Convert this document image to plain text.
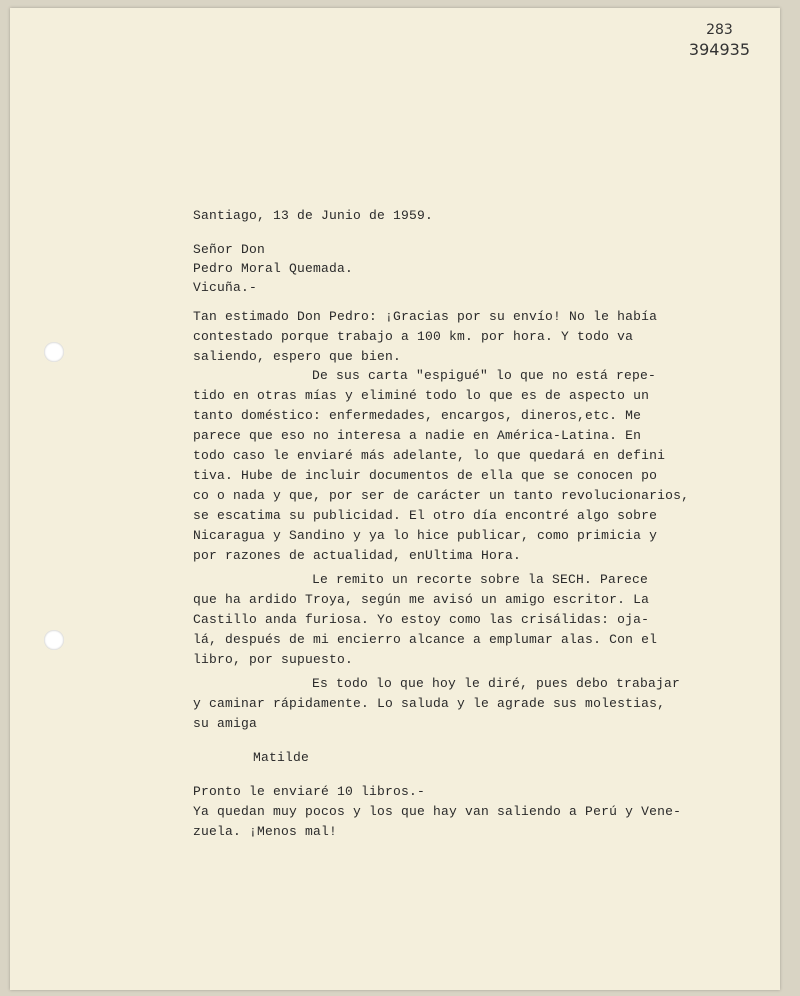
283
394935
Santiago, 13 de Junio de 1959.
Señor Don
Pedro Moral Quemada.
Vicuña.-
Tan estimado Don Pedro: ¡Gracias por su envío! No le había
contestado porque trabajo a 100 km. por hora. Y todo va
saliendo, espero que bien.
De sus carta "espigué" lo que no está repe-
tido en otras mías y eliminé todo lo que es de aspecto un
tanto doméstico: enfermedades, encargos, dineros,etc. Me
parece que eso no interesa a nadie en América-Latina. En
todo caso le enviaré más adelante, lo que quedará en defini
tiva. Hube de incluir documentos de ella que se conocen po
co o nada y que, por ser de carácter un tanto revolucionarios,
se escatima su publicidad. El otro día encontré algo sobre
Nicaragua y Sandino y ya lo hice publicar, como primicia y
por razones de actualidad, enUltima Hora.
Le remito un recorte sobre la SECH. Parece
que ha ardido Troya, según me avisó un amigo escritor. La
Castillo anda furiosa. Yo estoy como las crisálidas: oja-
lá, después de mi encierro alcance a emplumar alas. Con el
libro, por supuesto.
Es todo lo que hoy le diré, pues debo trabajar
y caminar rápidamente. Lo saluda y le agrade sus molestias,
su amiga
Matilde
Pronto le enviaré 10 libros.-
Ya quedan muy pocos y los que hay van saliendo a Perú y Vene-
zuela. ¡Menos mal!
